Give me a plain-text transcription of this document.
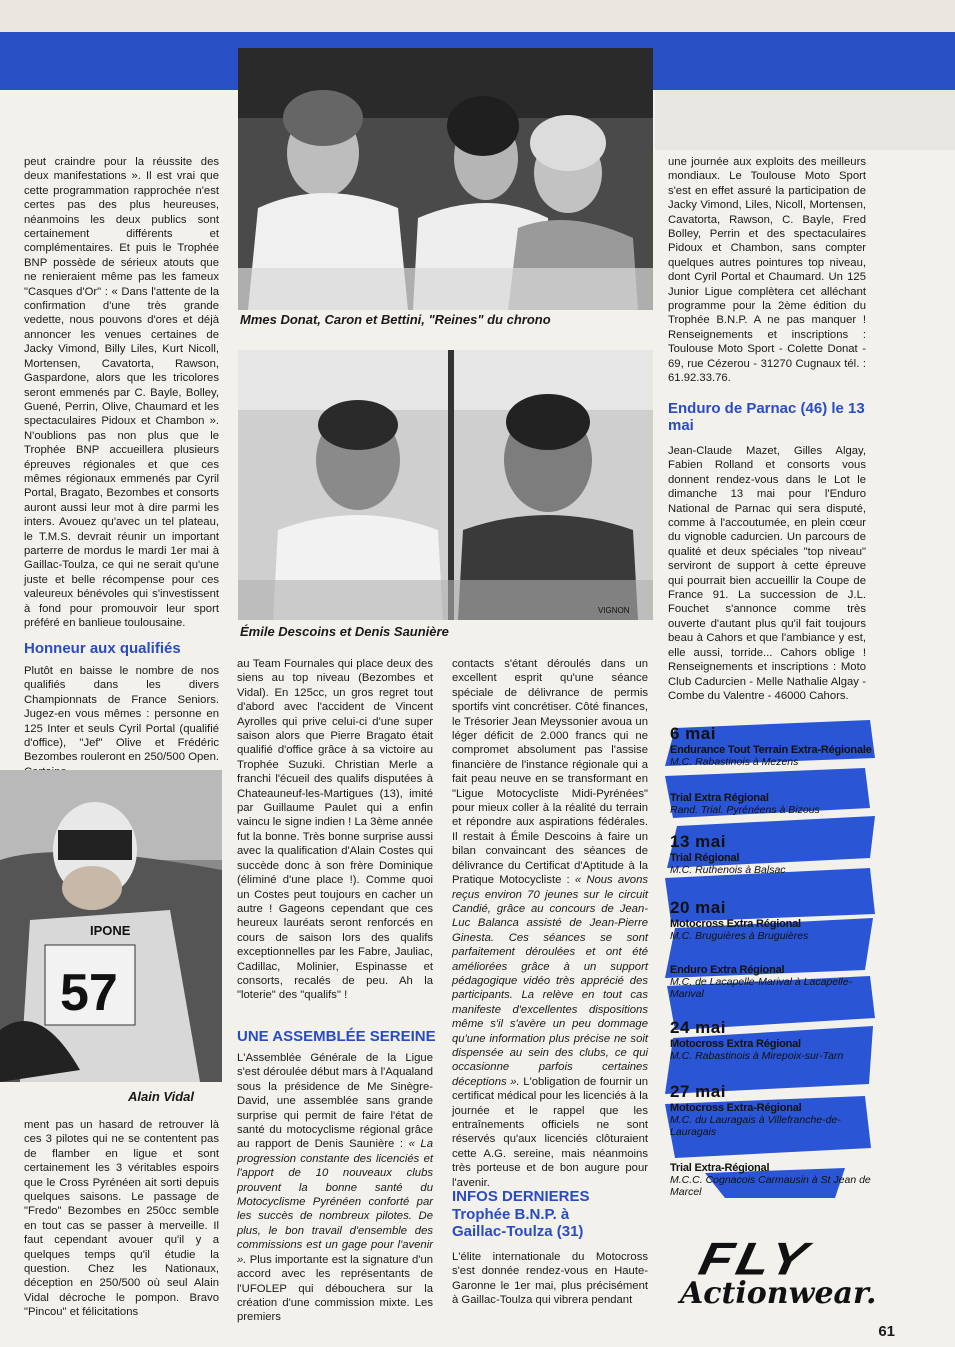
peut craindre pour la réussite des deux manifestations ». Il est vrai que cette programmation rapprochée n'est certes pas des plus heureuses, néanmoins les deux publics sont certainement différents et complémentaires. Et puis le Trophée BNP possède de sérieux atouts que ne renieraient même pas les fameux "Casques d'Or" : « Dans l'attente de la confirmation d'une très grande vedette, nous pouvons d'ores et déjà annoncer les venues certaines de Jacky Vimond, Billy Liles, Kurt Nicoll, Mortensen, Cavatorta, Rawson, Gaspardone, alors que les tricolores seront emmenés par C. Bayle, Bolley, Guené, Perrin, Olive, Chaumard et les spectaculaires Pidoux et Chambon ». N'oublions pas non plus que le Trophée BNP accueillera plusieurs épreuves régionales et que ces mêmes régionaux emmenés par Cyril Portal, Bragato, Bezombes et consorts auront aussi leur mot à dire parmi les inters. Avouez qu'avec un tel plateau, le T.M.S. devrait réunir un important parterre de mordus le mardi 1er mai à Gaillac-Toulza, ce qui ne serait qu'une juste et belle récompense pour ces valeureux bénévoles qui s'investissent à fond pour promouvoir leur sport préféré en banlieue toulousaine.

Honneur aux qualifiés

Plutôt en baisse le nombre de nos qualifiés dans les divers Championnats de France Seniors. Jugez-en vous mêmes : personne en 125 Inter et seuls Cyril Portal (qualifié d'office), "Jef" Olive et Frédéric Bezombes rouleront en 250/500 Open.

57
IPONE
Alain Vidal

ment pas un hasard de retrouver là ces 3 pilotes qui ne se contentent pas de flamber en ligue et sont certainement les 3 véritables espoirs que le Cross Pyrénéen ait sorti depuis quelques saisons. Le passage de "Fredo" Bezombes en 250cc semble en tout cas se passer à merveille. Il faut cependant avouer qu'il y a quelques temps qu'il étudie la question. Chez les Nationaux, déception en 250/500 où seul Alain Vidal décroche le pompon. Bravo "Pincou" et félicitations

Mmes Donat, Caron et Bettini, "Reines" du chrono
VIGNON
Émile Descoins et Denis Saunière

au Team Fournales qui place deux des siens au top niveau (Bezombes et Vidal). En 125cc, un gros regret tout d'abord avec l'accident de Vincent Ayrolles qui prive celui-ci d'une super saison alors que Pierre Bragato était qualifié d'office grâce à sa victoire au Trophée Suzuki. Christian Merle a franchi l'écueil des qualifs disputées à Chateauneuf-les-Martigues (13), imité par Guillaume Paulet qui a enfin vaincu le signe indien ! La 3ème année fut la bonne. Très bonne surprise aussi avec la qualification d'Alain Costes qui succède donc à son frère Dominique (éliminé d'une place !). Comme quoi un Costes peut toujours en cacher un autre ! Gageons cependant que ces heureux lauréats seront renforcés en cours de saison lors des qualifs exceptionnelles par les Fabre, Jauliac, Cadillac, Molinier, Espinasse et consorts, recalés de peu. Ah la "loterie" des "qualifs" !

UNE ASSEMBLÉE SEREINE

L'Assemblée Générale de la Ligue s'est déroulée début mars à l'Aqualand sous la présidence de Me Sinègre-David, une assemblée sans grande surprise qui permit de faire l'état de santé du motocyclisme régional grâce au rapport de Denis Saunière : « La progression constante des licenciés et l'apport de 10 nouveaux clubs prouvent la bonne santé du Motocyclisme Pyrénéen conforté par les succès de nombreux pilotes. De plus, le bon travail d'ensemble des commissions est un gage pour l'avenir ». Plus importante est la signature d'un accord avec les représentants de l'UFOLEP qui débouchera sur la création d'une commission mixte. Les premiers

contacts s'étant déroulés dans un excellent esprit qu'une séance spéciale de délivrance de permis sportifs vint concrétiser. Côté finances, le Trésorier Jean Meyssonier avoua un léger déficit de 2.000 francs qui ne compromet absolument pas l'assise financière de l'instance régionale qui a fait peau neuve en se transformant en "Ligue Motocycliste Midi-Pyrénées" pour mieux coller à la réalité du terrain et répondre aux aspirations fédérales. Il restait à Émile Descoins à faire un bilan convaincant des séances de délivrance du Certificat d'Aptitude à la Pratique Motocycliste : « Nous avons reçus environ 70 jeunes sur le circuit Candié, grâce au concours de Jean-Luc Balanca assisté de Jean-Pierre Ginesta. Ces séances se sont parfaitement déroulées et ont été améliorées grâce à un support pédagogique vidéo très apprécié des participants. La relève en tout cas manifeste d'excellentes dispositions même s'il s'avère un peu dommage qu'une information plus précise ne soit dispensée au sein des clubs, ce qui occasionne parfois certaines déceptions ». L'obligation de fournir un certificat médical pour les licenciés à la journée et le rappel que les entraînements officiels ne sont réservés qu'aux licenciés clôturaient cette A.G. sereine, mais néanmoins très porteuse et de bon augure pour l'avenir.

INFOS DERNIERES
Trophée B.N.P. à Gaillac-Toulza (31)

L'élite internationale du Motocross s'est donnée rendez-vous en Haute-Garonne le 1er mai, plus précisément à Gaillac-Toulza qui vibrera pendant

une journée aux exploits des meilleurs mondiaux. Le Toulouse Moto Sport s'est en effet assuré la participation de Jacky Vimond, Liles, Nicoll, Mortensen, Cavatorta, Rawson, C. Bayle, Fred Bolley, Perrin et des spectaculaires Pidoux et Chambon, sans compter quelques autres pointures top niveau, dont Cyril Portal et Chaumard. Un 125 Junior Ligue complètera cet alléchant programme pour la 2ème édition du Trophée B.N.P. A ne pas manquer ! Renseignements et inscriptions : Toulouse Moto Sport - Colette Donat - 69, rue Cézerou - 31270 Cugnaux tél. : 61.92.33.76.

Enduro de Parnac (46) le 13 mai

Jean-Claude Mazet, Gilles Algay, Fabien Rolland et consorts vous donnent rendez-vous dans le Lot le dimanche 13 mai pour l'Enduro National de Parnac qui sera disputé, comme à l'accoutumée, en plein cœur du vignoble cadurcien. Un parcours de qualité et deux spéciales "top niveau" serviront de support à cette épreuve qui pourrait bien accueillir la Coupe de France 91. La succession de J.L. Fouchet s'annonce comme très ouverte d'autant plus qu'il fait toujours beau à Cahors et que l'ambiance y est, elle aussi, torride... Cahors oblige ! Renseignements et inscriptions : Moto Club Cadurcien - Melle Nathalie Algay - Combe du Valentre - 46000 Cahors.

6 mai
Endurance Tout Terrain Extra-Régionale
M.C. Rabastinois à Mezens
Trial Extra Régional
Rand. Trial. Pyrénéens à Bizous
13 mai
Trial Régional
M.C. Ruthenois à Balsac
20 mai
Motocross Extra Régional
M.C. Bruguières à Bruguières
Enduro Extra Régional
M.C. de Lacapelle-Marival à Lacapelle-Marival
24 mai
Motocross Extra Régional
M.C. Rabastinois à Mirepoix-sur-Tarn
27 mai
Motocross Extra-Régional
M.C. du Lauragais à Villefranche-de-Lauragais
Trial Extra-Régional
M.C.C. Cognacois Carmausin à St Jean de Marcel
FLY
Actionwear.
61
